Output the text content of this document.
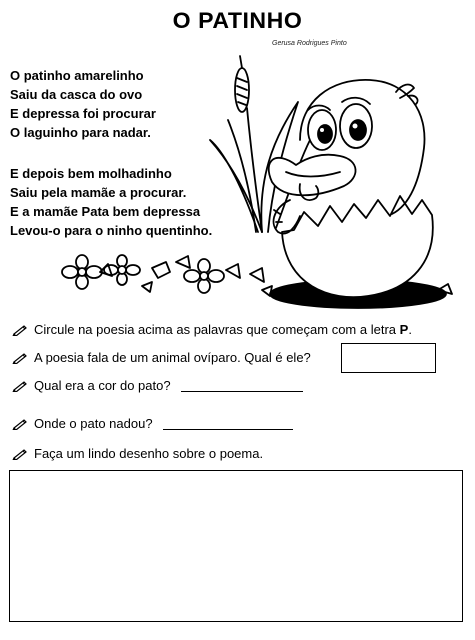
O PATINHO
Gerusa Rodrigues Pinto
O patinho amarelinho
Saiu da casca do ovo
E depressa foi procurar
O laguinho para nadar.
E depois bem molhadinho
Saiu pela mamãe a procurar.
E a mamãe Pata bem depressa
Levou-o para o ninho quentinho.
Circule na poesia acima as palavras que começam com a letra
P .
A poesia fala de um animal ovíparo. Qual é ele?
Qual era a cor do pato?
Onde o pato nadou?
Faça um lindo desenho sobre o poema.
